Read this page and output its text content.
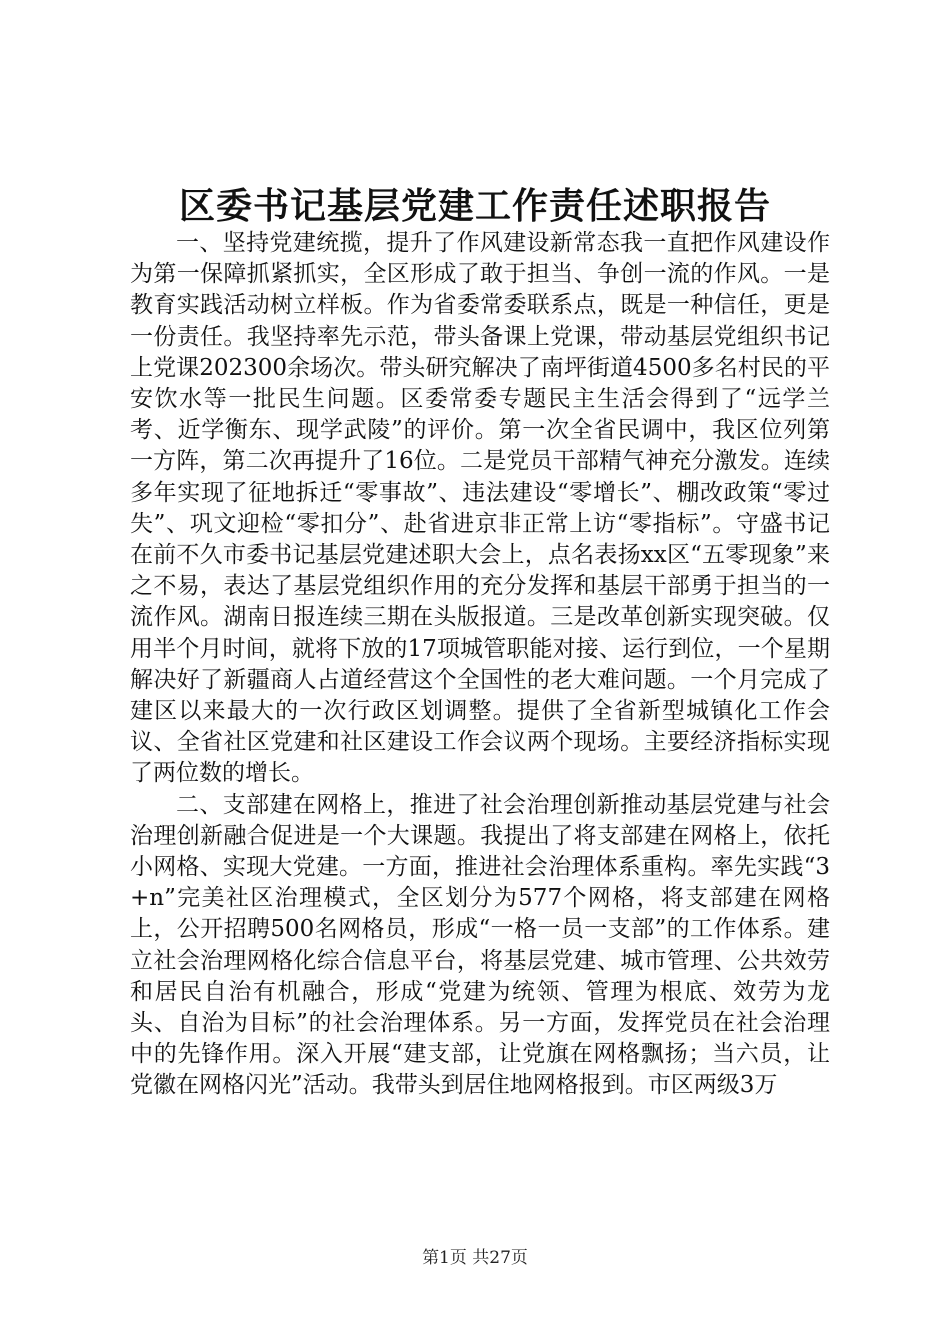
区委书记基层党建工作责任述职报告

一、坚持党建统揽，提升了作风建设新常态我一直把作风建设作为第一保障抓紧抓实，全区形成了敢于担当、争创一流的作风。一是教育实践活动树立样板。作为省委常委联系点，既是一种信任，更是一份责任。我坚持率先示范，带头备课上党课，带动基层党组织书记上党课202300余场次。带头研究解决了南坪街道4500多名村民的平安饮水等一批民生问题。区委常委专题民主生活会得到了“远学兰考、近学衡东、现学武陵”的评价。第一次全省民调中，我区位列第一方阵，第二次再提升了16位。二是党员干部精气神充分激发。连续多年实现了征地拆迁“零事故”、违法建设“零增长”、棚改政策“零过失”、巩文迎检“零扣分”、赴省进京非正常上访“零指标”。守盛书记在前不久市委书记基层党建述职大会上，点名表扬xx区“五零现象”来之不易，表达了基层党组织作用的充分发挥和基层干部勇于担当的一流作风。湖南日报连续三期在头版报道。三是改革创新实现突破。仅用半个月时间，就将下放的17项城管职能对接、运行到位，一个星期解决好了新疆商人占道经营这个全国性的老大难问题。一个月完成了建区以来最大的一次行政区划调整。提供了全省新型城镇化工作会议、全省社区党建和社区建设工作会议两个现场。主要经济指标实现了两位数的增长。

二、支部建在网格上，推进了社会治理创新推动基层党建与社会治理创新融合促进是一个大课题。我提出了将支部建在网格上，依托小网格、实现大党建。一方面，推进社会治理体系重构。率先实践“3+n”完美社区治理模式，全区划分为577个网格，将支部建在网格上，公开招聘500名网格员，形成“一格一员一支部”的工作体系。建立社会治理网格化综合信息平台，将基层党建、城市管理、公共效劳和居民自治有机融合，形成“党建为统领、管理为根底、效劳为龙头、自治为目标”的社会治理体系。另一方面，发挥党员在社会治理中的先锋作用。深入开展“建支部，让党旗在网格飘扬；当六员，让党徽在网格闪光”活动。我带头到居住地网格报到。市区两级3万

第1页 共27页
